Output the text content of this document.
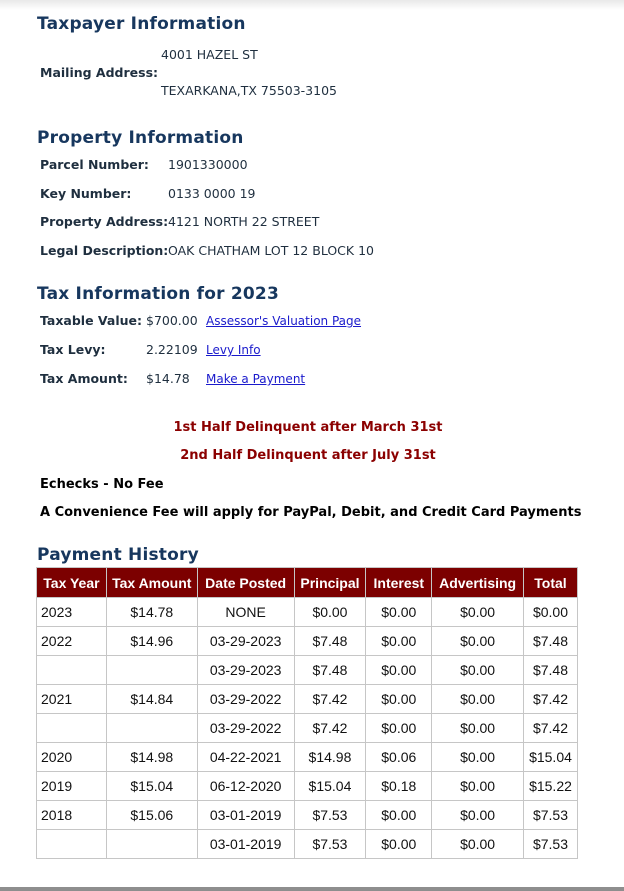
Taxpayer Information
Mailing Address:
4001 HAZEL ST
TEXARKANA,TX 75503-3105
Property Information
Parcel Number: 1901330000
Key Number:	0133 0000 19
Property Address: 4121 NORTH 22 STREET
Legal Description: OAK CHATHAM LOT 12 BLOCK 10
Tax Information for 2023
Taxable Value: $700.00 Assessor's Valuation Page
Tax Levy:	2.22109 Levy Info
Tax Amount: $14.78 Make a Payment
1st Half Delinquent after March 31st
2nd Half Delinquent after July 31st
Echecks - No Fee
A Convenience Fee will apply for PayPal, Debit, and Credit Card Payments
Payment History
Tax Year	Tax Amount	Date Posted	Principal	Interest	Advertising	Total
2023	$14.78	NONE	$0.00	$0.00	$0.00	$0.00
2022	$14.96	03-29-2023	$7.48	$0.00	$0.00	$7.48
		03-29-2023	$7.48	$0.00	$0.00	$7.48
2021	$14.84	03-29-2022	$7.42	$0.00	$0.00	$7.42
		03-29-2022	$7.42	$0.00	$0.00	$7.42
2020	$14.98	04-22-2021	$14.98	$0.06	$0.00	$15.04
2019	$15.04	06-12-2020	$15.04	$0.18	$0.00	$15.22
2018	$15.06	03-01-2019	$7.53	$0.00	$0.00	$7.53
		03-01-2019	$7.53	$0.00	$0.00	$7.53
